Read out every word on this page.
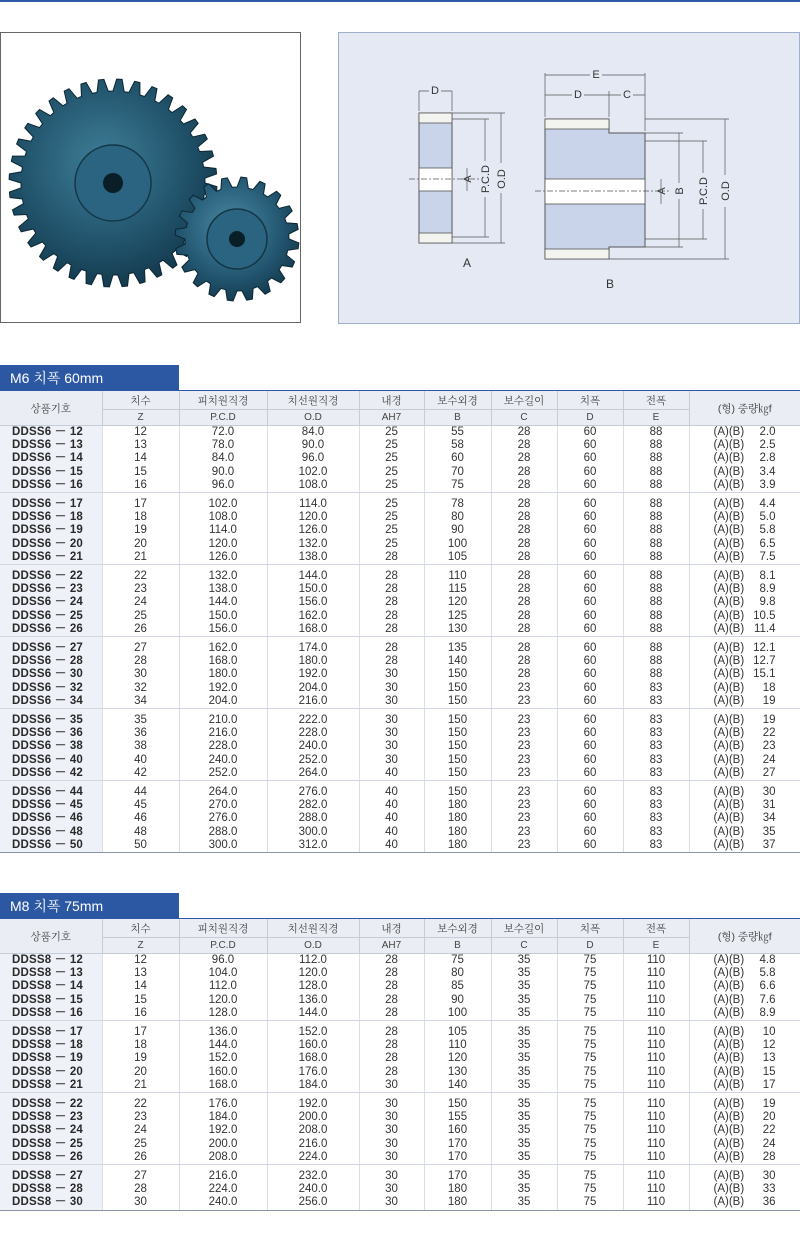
D
A P.C.D O.D
A
E
D	C
A B P.C.D O.D
B
M6 치폭 60mm
상품기호	치수	피치원직경	치선원직경	내경	보수외경	보수길이	치폭	전폭	(형) 중량㎏f
	Z	P.C.D	O.D	AH7	B	C	D	E	
DDSS6 － 12	12	72.0	84.0	25	55	28	60	88	(A)(B) 2.0
DDSS6 － 13	13	78.0	90.0	25	58	28	60	88	(A)(B) 2.5
DDSS6 － 14	14	84.0	96.0	25	60	28	60	88	(A)(B) 2.8
DDSS6 － 15	15	90.0	102.0	25	70	28	60	88	(A)(B) 3.4
DDSS6 － 16	16	96.0	108.0	25	75	28	60	88	(A)(B) 3.9
DDSS6 － 17	17	102.0	114.0	25	78	28	60	88	(A)(B) 4.4
DDSS6 － 18	18	108.0	120.0	25	80	28	60	88	(A)(B) 5.0
DDSS6 － 19	19	114.0	126.0	25	90	28	60	88	(A)(B) 5.8
DDSS6 － 20	20	120.0	132.0	25	100	28	60	88	(A)(B) 6.5
DDSS6 － 21	21	126.0	138.0	28	105	28	60	88	(A)(B) 7.5
DDSS6 － 22	22	132.0	144.0	28	110	28	60	88	(A)(B) 8.1
DDSS6 － 23	23	138.0	150.0	28	115	28	60	88	(A)(B) 8.9
DDSS6 － 24	24	144.0	156.0	28	120	28	60	88	(A)(B) 9.8
DDSS6 － 25	25	150.0	162.0	28	125	28	60	88	(A)(B) 10.5
DDSS6 － 26	26	156.0	168.0	28	130	28	60	88	(A)(B) 11.4
DDSS6 － 27	27	162.0	174.0	28	135	28	60	88	(A)(B) 12.1
DDSS6 － 28	28	168.0	180.0	28	140	28	60	88	(A)(B) 12.7
DDSS6 － 30	30	180.0	192.0	30	150	28	60	88	(A)(B) 15.1
DDSS6 － 32	32	192.0	204.0	30	150	23	60	83	(A)(B) 18
DDSS6 － 34	34	204.0	216.0	30	150	23	60	83	(A)(B) 19
DDSS6 － 35	35	210.0	222.0	30	150	23	60	83	(A)(B) 19
DDSS6 － 36	36	216.0	228.0	30	150	23	60	83	(A)(B) 22
DDSS6 － 38	38	228.0	240.0	30	150	23	60	83	(A)(B) 23
DDSS6 － 40	40	240.0	252.0	30	150	23	60	83	(A)(B) 24
DDSS6 － 42	42	252.0	264.0	40	150	23	60	83	(A)(B) 27
DDSS6 － 44	44	264.0	276.0	40	150	23	60	83	(A)(B) 30
DDSS6 － 45	45	270.0	282.0	40	180	23	60	83	(A)(B) 31
DDSS6 － 46	46	276.0	288.0	40	180	23	60	83	(A)(B) 34
DDSS6 － 48	48	288.0	300.0	40	180	23	60	83	(A)(B) 35
DDSS6 － 50	50	300.0	312.0	40	180	23	60	83	(A)(B) 37
M8 치폭 75mm
상품기호	치수	피치원직경	치선원직경	내경	보수외경	보수길이	치폭	전폭	(형) 중량㎏f
	Z	P.C.D	O.D	AH7	B	C	D	E	
DDSS8 － 12	12	96.0	112.0	28	75	35	75	110	(A)(B) 4.8
DDSS8 － 13	13	104.0	120.0	28	80	35	75	110	(A)(B) 5.8
DDSS8 － 14	14	112.0	128.0	28	85	35	75	110	(A)(B) 6.6
DDSS8 － 15	15	120.0	136.0	28	90	35	75	110	(A)(B) 7.6
DDSS8 － 16	16	128.0	144.0	28	100	35	75	110	(A)(B) 8.9
DDSS8 － 17	17	136.0	152.0	28	105	35	75	110	(A)(B) 10
DDSS8 － 18	18	144.0	160.0	28	110	35	75	110	(A)(B) 12
DDSS8 － 19	19	152.0	168.0	28	120	35	75	110	(A)(B) 13
DDSS8 － 20	20	160.0	176.0	28	130	35	75	110	(A)(B) 15
DDSS8 － 21	21	168.0	184.0	30	140	35	75	110	(A)(B) 17
DDSS8 － 22	22	176.0	192.0	30	150	35	75	110	(A)(B) 19
DDSS8 － 23	23	184.0	200.0	30	155	35	75	110	(A)(B) 20
DDSS8 － 24	24	192.0	208.0	30	160	35	75	110	(A)(B) 22
DDSS8 － 25	25	200.0	216.0	30	170	35	75	110	(A)(B) 24
DDSS8 － 26	26	208.0	224.0	30	170	35	75	110	(A)(B) 28
DDSS8 － 27	27	216.0	232.0	30	170	35	75	110	(A)(B) 30
DDSS8 － 28	28	224.0	240.0	30	180	35	75	110	(A)(B) 33
DDSS8 － 30	30	240.0	256.0	30	180	35	75	110	(A)(B) 36
